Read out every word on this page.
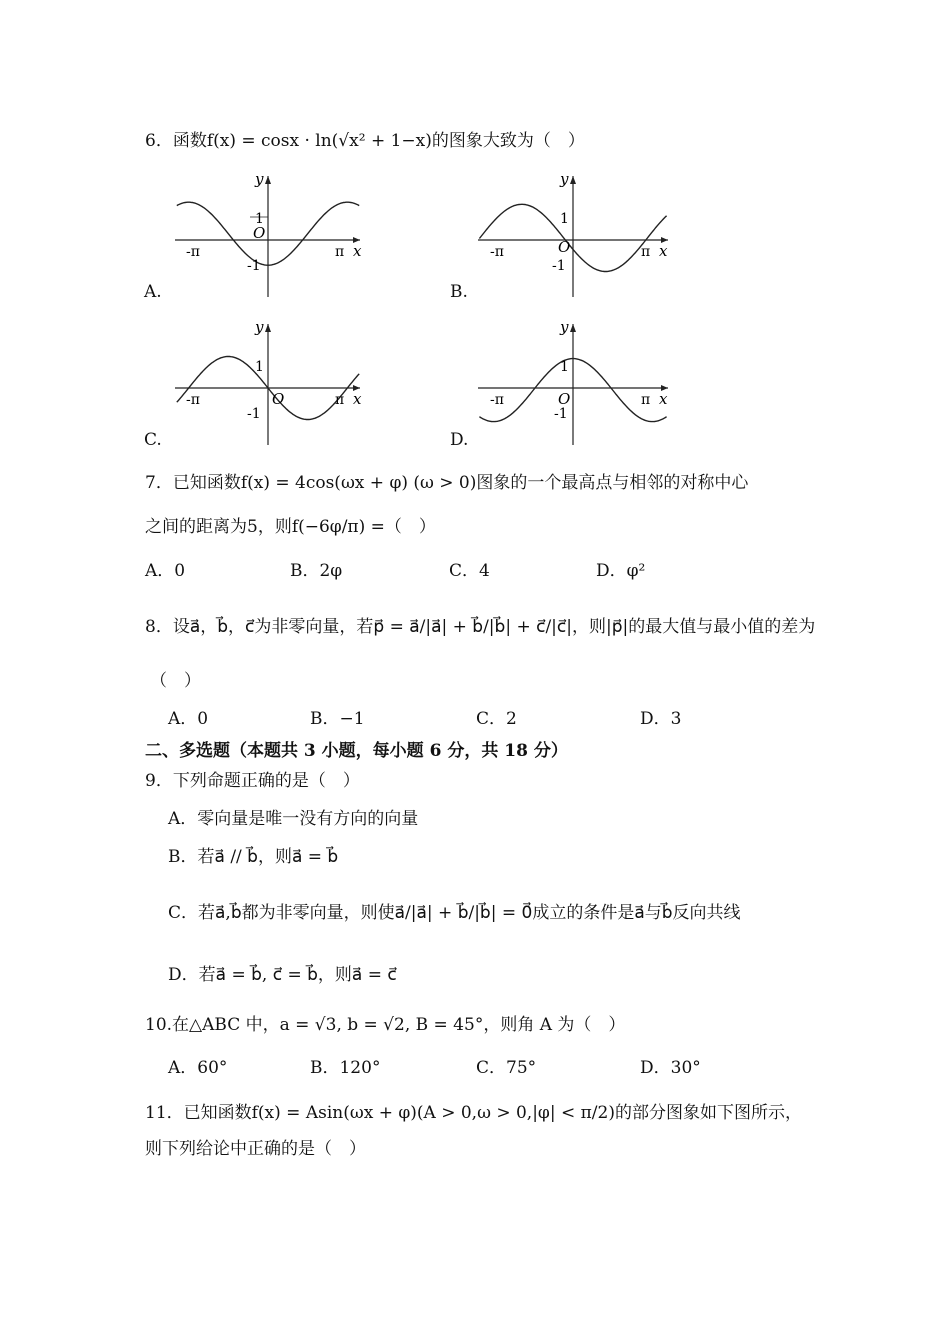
6．函数f(x) = cosx · ln(√x² + 1−x)的图象大致为（　）
y
1
O
-1
-π	π x
A.
y
1
O
-1
-π	π x
B.
y
1
O
-1
-π	π x
C.
y
1
O
-1
-π	π x
D.
7．已知函数f(x) = 4cos(ωx + φ) (ω > 0)图象的一个最高点与相邻的对称中心
之间的距离为5，则f(−6φ/π) =（　）
A．0	B．2φ	C．4	D．φ²
8．设a⃗，b⃗，c⃗为非零向量，若p⃗ = a⃗/|a⃗| + b⃗/|b⃗| + c⃗/|c⃗|，则|p⃗|的最大值与最小值的差为
（　）
A．0	B．−1	C．2	D．3
二、多选题（本题共 3 小题，每小题 6 分，共 18 分）
9．下列命题正确的是（　）
A．零向量是唯一没有方向的向量
B．若a⃗ // b⃗，则a⃗ = b⃗
C．若a⃗,b⃗都为非零向量，则使a⃗/|a⃗| + b⃗/|b⃗| = 0⃗成立的条件是a⃗与b⃗反向共线
D．若a⃗ = b⃗, c⃗ = b⃗，则a⃗ = c⃗
10.在△ABC 中，a = √3, b = √2, B = 45°，则角 A 为（　）
A．60°	B．120°	C．75°	D．30°
11．已知函数f(x) = Asin(ωx + φ)(A > 0,ω > 0,|φ| < π/2)的部分图象如下图所示，
则下列给论中正确的是（　）
